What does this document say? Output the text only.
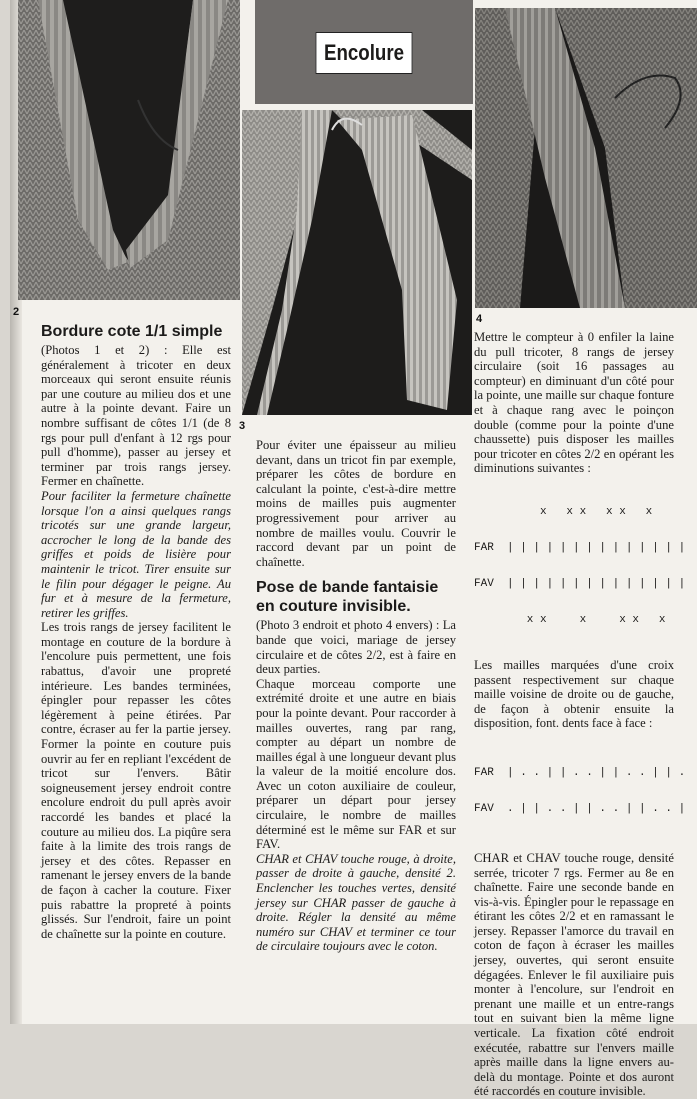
2
Encolure
3
4
Bordure cote 1/1 simple

(Photos 1 et 2) : Elle est généralement à tricoter en deux morceaux qui seront ensuite réunis par une couture au milieu dos et une autre à la pointe devant. Faire un nombre suffisant de côtes 1/1 (de 8 rgs pour pull d'enfant à 12 rgs pour pull d'homme), passer au jersey et terminer par trois rangs jersey. Fermer en chaînette.

Pour faciliter la fermeture chaînette lorsque l'on a ainsi quelques rangs tricotés sur une grande largeur, accrocher le long de la bande des griffes et poids de lisière pour maintenir le tricot. Tirer ensuite sur le filin pour dégager le peigne. Au fur et à mesure de la fermeture, retirer les griffes.

Les trois rangs de jersey facilitent le montage en couture de la bordure à l'encolure puis permettent, une fois rabattus, d'avoir une propreté intérieure. Les bandes terminées, épingler pour repasser les côtes légèrement à peine étirées. Par contre, écraser au fer la partie jersey. Former la pointe en couture puis ouvrir au fer en repliant l'excédent de tricot sur l'envers. Bâtir soigneusement jersey endroit contre encolure endroit du pull après avoir raccordé les bandes et placé la couture au milieu dos. La piqûre sera faite à la limite des trois rangs de jersey et des côtes. Repasser en ramenant le jersey envers de la bande de façon à cacher la couture. Fixer puis rabattre la propreté à points glissés. Sur l'endroit, faire un point de chaînette sur la pointe en couture.

Pour éviter une épaisseur au milieu devant, dans un tricot fin par exemple, préparer les côtes de bordure en calculant la pointe, c'est-à-dire mettre moins de mailles puis augmenter progressivement pour arriver au nombre de mailles voulu. Couvrir le raccord devant par un point de chaînette.

Pose de bande fantaisie en couture invisible.

(Photo 3 endroit et photo 4 envers) : La bande que voici, mariage de jersey circulaire et de côtes 2/2, est à faire en deux parties.

Chaque morceau comporte une extrémité droite et une autre en biais pour la pointe devant. Pour raccorder à mailles ouvertes, rang par rang, compter au départ un nombre de mailles égal à une longueur devant plus la valeur de la moitié encolure dos. Avec un coton auxiliaire de couleur, préparer un départ pour jersey circulaire, le nombre de mailles déterminé est le même sur FAR et sur FAV.

CHAR et CHAV touche rouge, à droite, passer de droite à gauche, densité 2. Enclencher les touches vertes, densité jersey sur CHAR passer de gauche à droite. Régler la densité au même numéro sur CHAV et terminer ce tour de circulaire toujours avec le coton.

Mettre le compteur à 0 enfiler la laine du pull tricoter, 8 rangs de jersey circulaire (soit 16 passages au compteur) en diminuant d'un côté pour la pointe, une maille sur chaque fonture et à chaque rang avec le poinçon double (comme pour la pointe d'une chaussette) puis disposer les mailles pour tricoter en côtes 2/2 en opérant les diminutions suivantes :

x   x x   x x   x

FAR  | | | | | | | | | | | | | |

FAV  | | | | | | | | | | | | | |

x x     x     x x   x

Les mailles marquées d'une croix passent respectivement sur chaque maille voisine de droite ou de gauche, de façon à obtenir ensuite la disposition, font. dents face à face :

FAR  | . . | | . . | | . . | | .

FAV  . | | . . | | . . | | . . |

CHAR et CHAV touche rouge, densité serrée, tricoter 7 rgs. Fermer au 8e en chaînette. Faire une seconde bande en vis-à-vis. Épingler pour le repassage en étirant les côtes 2/2 et en ramassant le jersey. Repasser l'amorce du travail en coton de façon à écraser les mailles jersey, ouvertes, qui seront ensuite dégagées. Enlever le fil auxiliaire puis monter à l'encolure, sur l'endroit en prenant une maille et un entre-rangs tout en suivant bien la même ligne verticale. La fixation côté endroit exécutée, rabattre sur l'envers maille après maille dans la ligne envers au-delà du montage. Pointe et dos auront été raccordés en couture invisible.
